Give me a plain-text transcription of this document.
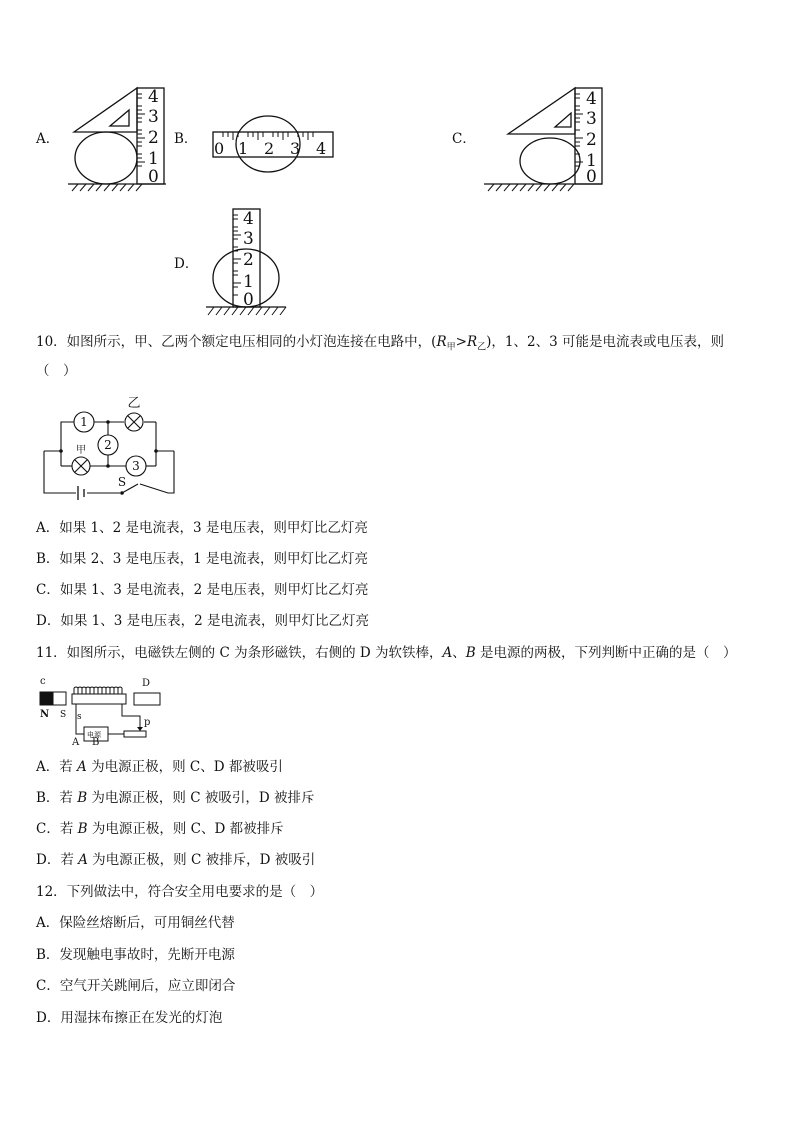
A．	B．	C．
D．
4
3
2
1
0
0 1 2 3 4
4
3
2
1
0
4
3
2
1
0
10．如图所示，甲、乙两个额定电压相同的小灯泡连接在电路中，$(R_甲>R_乙)$，1、2、3 可能是电流表或电压表，则
（　）
1
2
3
乙
甲
S
A．如果 1、2 是电流表，3 是电压表，则甲灯比乙灯亮
B．如果 2、3 是电压表，1 是电流表，则甲灯比乙灯亮
C．如果 1、3 是电流表，2 是电压表，则甲灯比乙灯亮
D．如果 1、3 是电压表，2 是电流表，则甲灯比乙灯亮
11．如图所示，电磁铁左侧的 C 为条形磁铁，右侧的 D 为软铁棒，A、B 是电源的两极，下列判断中正确的是（　）
c	D
N S s	p
A B
电源
A．若 A 为电源正极，则 C、D 都被吸引
B．若 B 为电源正极，则 C 被吸引，D 被排斥
C．若 B 为电源正极，则 C、D 都被排斥
D．若 A 为电源正极，则 C 被排斥，D 被吸引
12．下列做法中，符合安全用电要求的是（　）
A．保险丝熔断后，可用铜丝代替
B．发现触电事故时，先断开电源
C．空气开关跳闸后，应立即闭合
D．用湿抹布擦正在发光的灯泡
